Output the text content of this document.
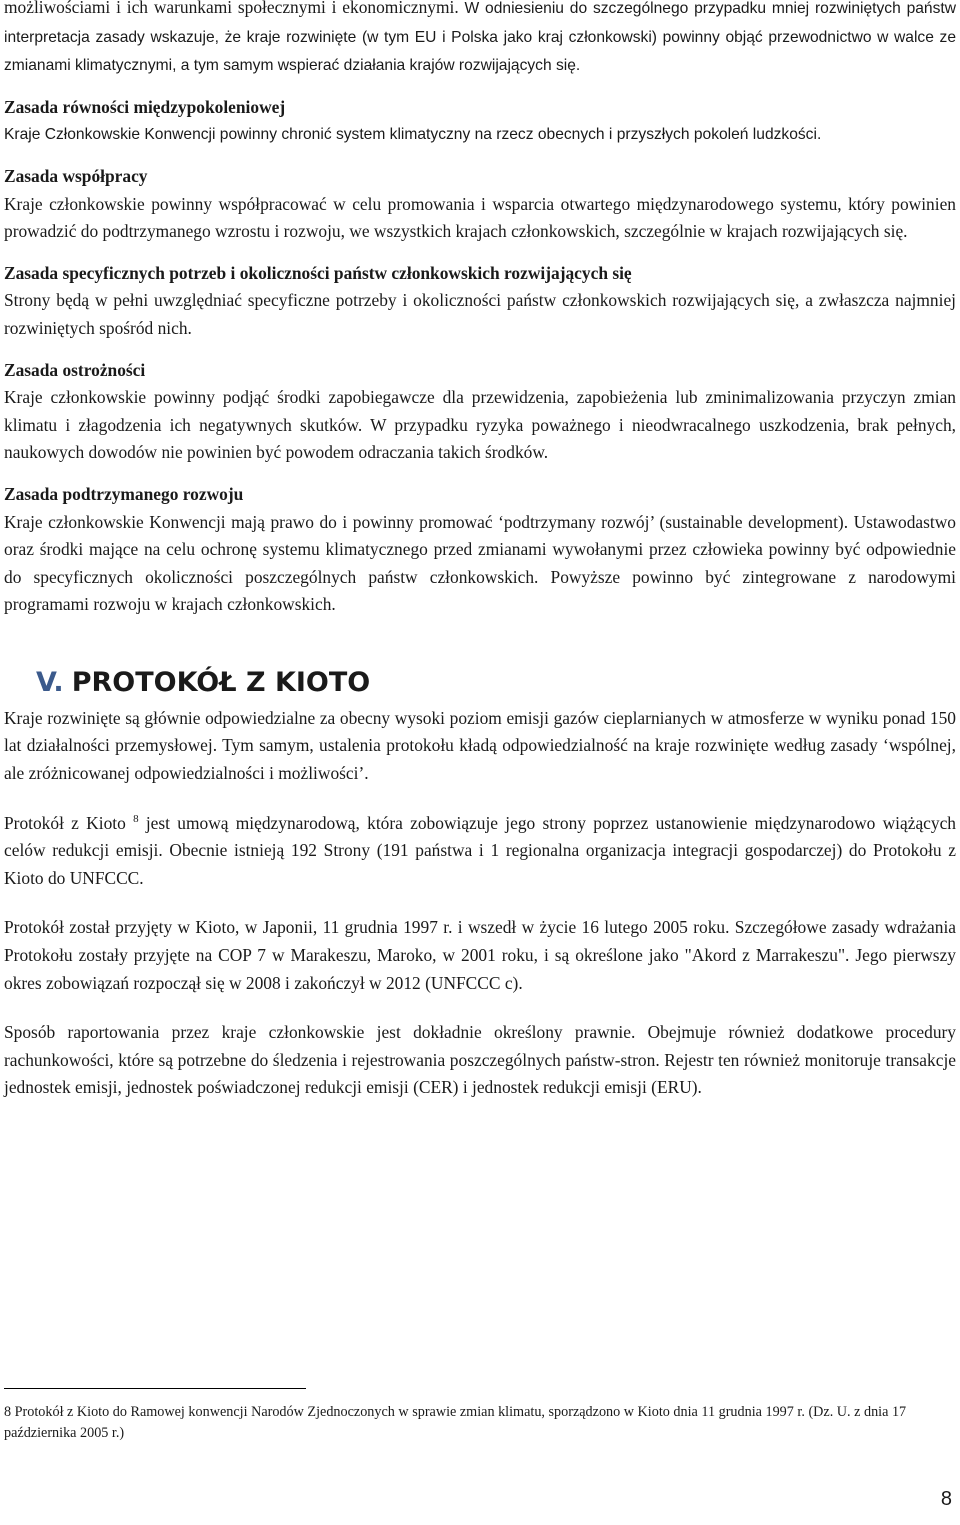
możliwościami i ich warunkami społecznymi i ekonomicznymi. W odniesieniu do szczególnego przypadku mniej rozwiniętych państw interpretacja zasady wskazuje, że kraje rozwinięte (w tym EU i Polska jako kraj członkowski) powinny objąć przewodnictwo w walce ze zmianami klimatycznymi, a tym samym wspierać działania krajów rozwijających się.

Zasada równości międzypokoleniowej

Kraje Członkowskie Konwencji powinny chronić system klimatyczny na rzecz obecnych i przyszłych pokoleń ludzkości.

Zasada współpracy

Kraje członkowskie powinny współpracować w celu promowania i wsparcia otwartego międzynarodowego systemu, który powinien prowadzić do podtrzymanego wzrostu i rozwoju, we wszystkich krajach członkowskich, szczególnie w krajach rozwijających się.

Zasada specyficznych potrzeb i okoliczności państw członkowskich rozwijających się

Strony będą w pełni uwzględniać specyficzne potrzeby i okoliczności państw członkowskich rozwijających się, a zwłaszcza najmniej rozwiniętych spośród nich.

Zasada ostrożności

Kraje członkowskie powinny podjąć środki zapobiegawcze dla przewidzenia, zapobieżenia lub zminimalizowania przyczyn zmian klimatu i złagodzenia ich negatywnych skutków. W przypadku ryzyka poważnego i nieodwracalnego uszkodzenia, brak pełnych, naukowych dowodów nie powinien być powodem odraczania takich środków.

Zasada podtrzymanego rozwoju

Kraje członkowskie Konwencji mają prawo do i powinny promować ‘podtrzymany rozwój’ (sustainable development). Ustawodastwo oraz środki mające na celu ochronę systemu klimatycznego przed zmianami wywołanymi przez człowieka powinny być odpowiednie do specyficznych okoliczności poszczególnych państw członkowskich. Powyższe powinno być zintegrowane z narodowymi programami rozwoju w krajach członkowskich.

V. PROTOKÓŁ Z KIOTO

Kraje rozwinięte są głównie odpowiedzialne za obecny wysoki poziom emisji gazów cieplarnianych w atmosferze w wyniku ponad 150 lat działalności przemysłowej. Tym samym, ustalenia protokołu kładą odpowiedzialność na kraje rozwinięte według zasady ‘wspólnej, ale zróżnicowanej odpowiedzialności i możliwości’.

Protokół z Kioto $^8$ jest umową międzynarodową, która zobowiązuje jego strony poprzez ustanowienie międzynarodowo wiążących celów redukcji emisji. Obecnie istnieją 192 Strony (191 państwa i 1 regionalna organizacja integracji gospodarczej) do Protokołu z Kioto do UNFCCC.

Protokół został przyjęty w Kioto, w Japonii, 11 grudnia 1997 r. i wszedł w życie 16 lutego 2005 roku. Szczegółowe zasady wdrażania Protokołu zostały przyjęte na COP 7 w Marakeszu, Maroko, w 2001 roku, i są określone jako "Akord z Marrakeszu". Jego pierwszy okres zobowiązań rozpoczął się w 2008 i zakończył w 2012 (UNFCCC c).

Sposób raportowania przez kraje członkowskie jest dokładnie określony prawnie. Obejmuje również dodatkowe procedury rachunkowości, które są potrzebne do śledzenia i rejestrowania poszczególnych państw-stron. Rejestr ten również monitoruje transakcje jednostek emisji, jednostek poświadczonej redukcji emisji (CER) i jednostek redukcji emisji (ERU).

8 Protokół z Kioto do Ramowej konwencji Narodów Zjednoczonych w sprawie zmian klimatu, sporządzono w Kioto dnia 11 grudnia 1997 r. (Dz. U. z dnia 17 października 2005 r.)
8
